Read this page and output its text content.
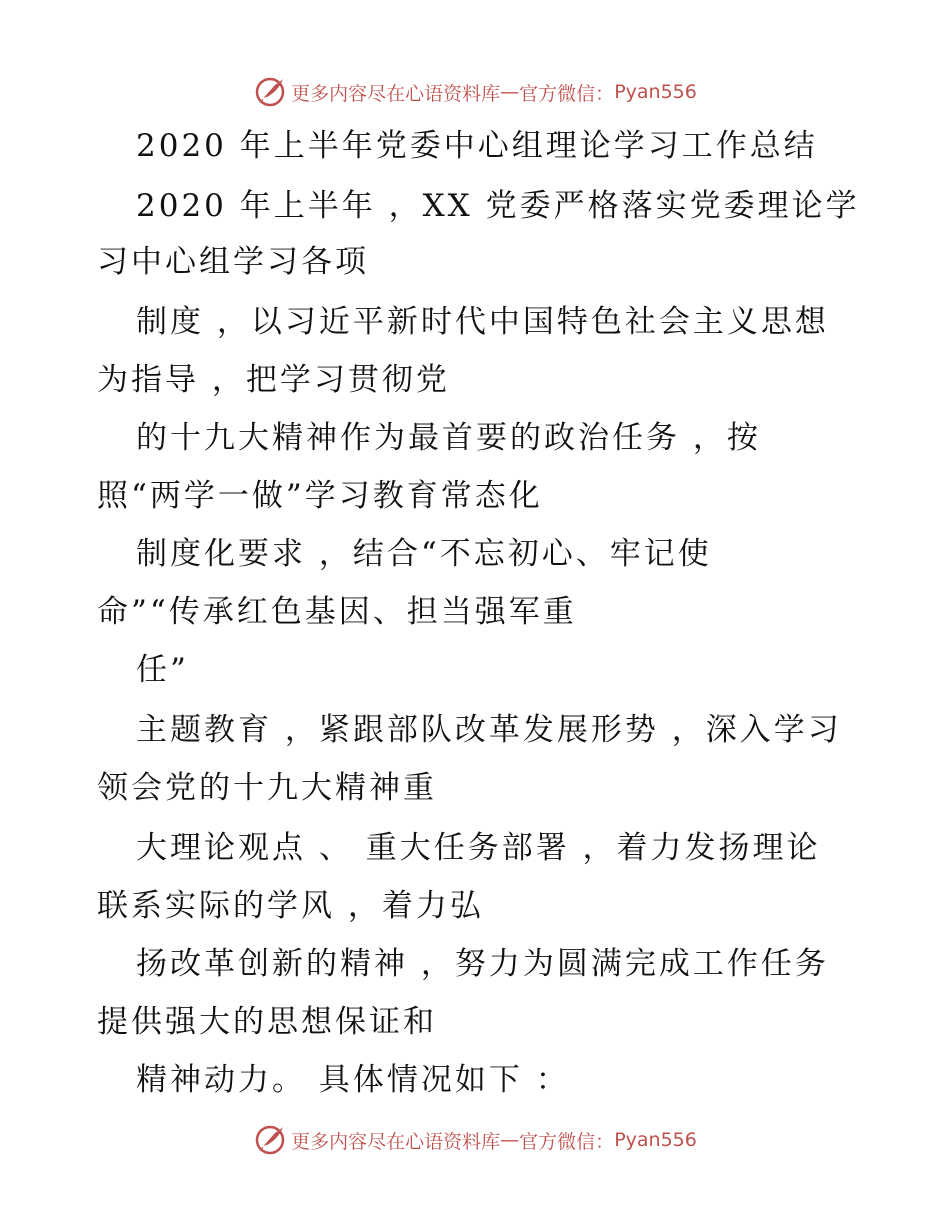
更多内容尽在心语资料库 — 官方微信： Pyan556
2020 年上半年党委中心组理论学习工作总结
2020 年上半年 ，XX 党委严格落实党委理论学
习中心组学习各项
制度 ，以习近平新时代中国特色社会主义思想
为指导 ，把学习贯彻党
的十九大精神作为最首要的政治任务 ，按
照“两学一做”学习教育常态化
制度化要求 ，结合“不忘初心、牢记使
命”“传承红色基因、担当强军重
任”
主题教育 ，紧跟部队改革发展形势 ，深入学习
领会党的十九大精神重
大理论观点 、 重大任务部署 ，着力发扬理论
联系实际的学风 ，着力弘
扬改革创新的精神 ，努力为圆满完成工作任务
提供强大的思想保证和
精神动力。 具体情况如下 ：
更多内容尽在心语资料库 — 官方微信： Pyan556
